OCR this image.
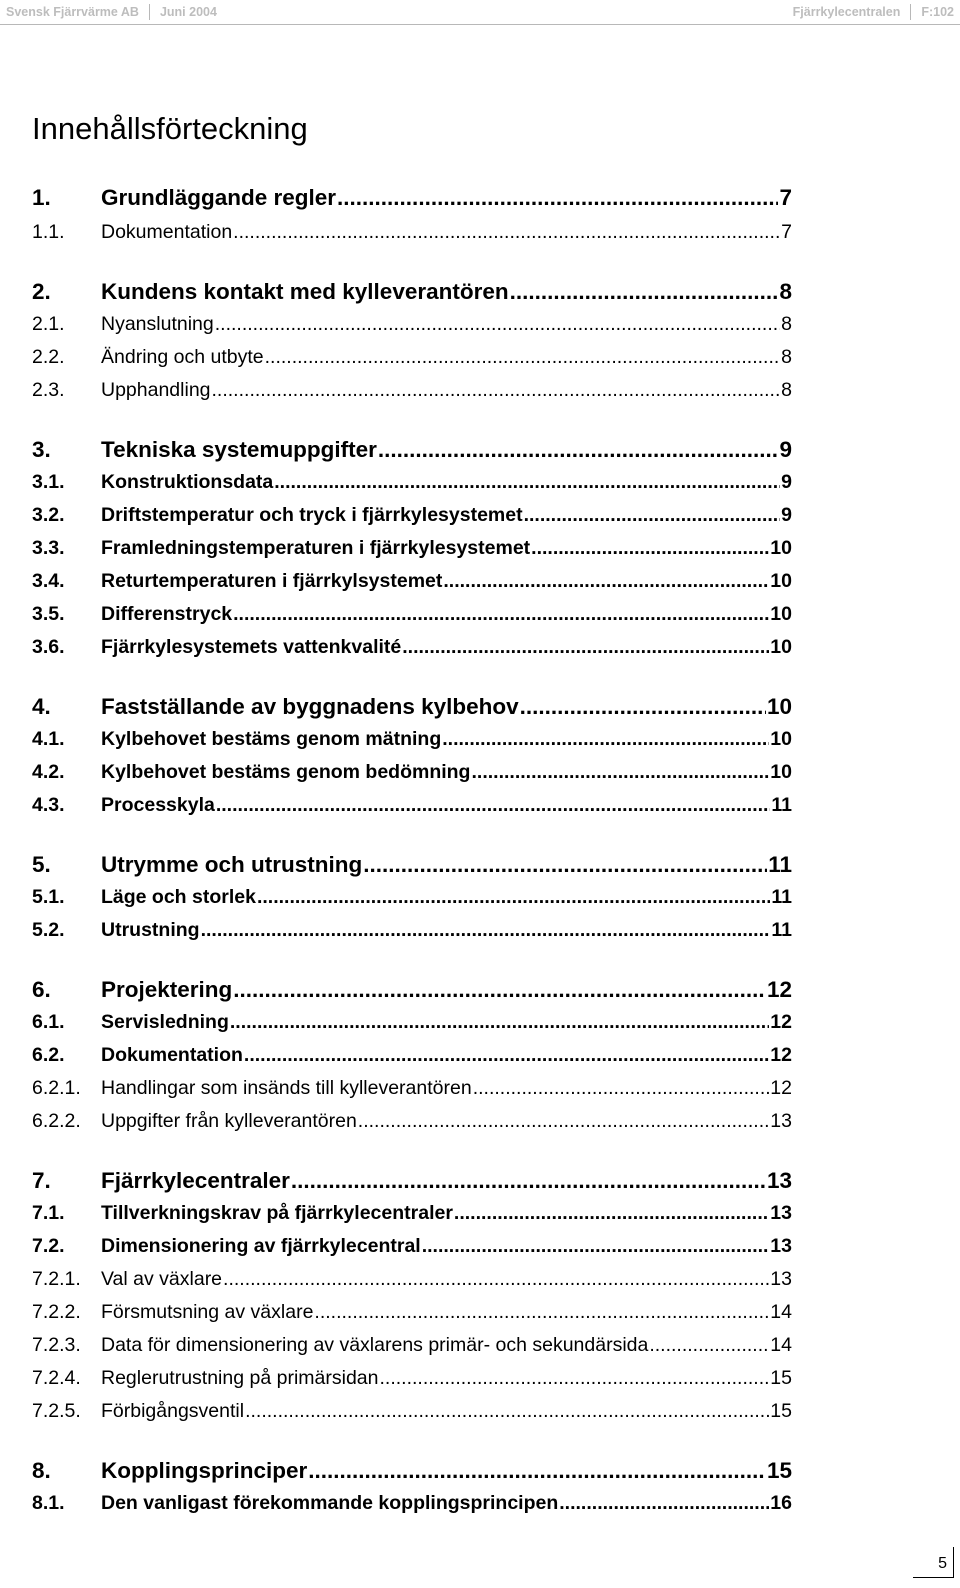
Svensk Fjärrvärme AB Juni 2004	Fjärrkylecentralen F:102
Innehållsförteckning
1.	Grundläggande regler .....	7
1.1.	Dokumentation .....	7
2.	Kundens kontakt med kylleverantören .....	8
2.1.	Nyanslutning .....	8
2.2.	Ändring och utbyte .....	8
2.3.	Upphandling .....	8
3.	Tekniska systemuppgifter .....	9
3.1.	Konstruktionsdata .....	9
3.2.	Driftstemperatur och tryck i fjärrkylesystemet .....	9
3.3.	Framledningstemperaturen i fjärrkylesystemet .....	10
3.4.	Returtemperaturen i fjärrkylsystemet .....	10
3.5.	Differenstryck .....	10
3.6.	Fjärrkylesystemets vattenkvalité .....	10
4.	Fastställande av byggnadens kylbehov .....	10
4.1.	Kylbehovet bestäms genom mätning .....	10
4.2.	Kylbehovet bestäms genom bedömning .....	10
4.3.	Processkyla .....	11
5.	Utrymme och utrustning .....	11
5.1.	Läge och storlek .....	11
5.2.	Utrustning .....	11
6.	Projektering .....	12
6.1.	Servisledning .....	12
6.2.	Dokumentation .....	12
6.2.1.	Handlingar som insänds till kylleverantören .....	12
6.2.2.	Uppgifter från kylleverantören .....	13
7.	Fjärrkylecentraler .....	13
7.1.	Tillverkningskrav på fjärrkylecentraler .....	13
7.2.	Dimensionering av fjärrkylecentral .....	13
7.2.1.	Val av växlare .....	13
7.2.2.	Försmutsning av växlare .....	14
7.2.3.	Data för dimensionering av växlarens primär- och sekundärsida .....	14
7.2.4.	Reglerutrustning på primärsidan .....	15
7.2.5.	Förbigångsventil .....	15
8.	Kopplingsprinciper .....	15
8.1.	Den vanligast förekommande kopplingsprincipen .....	16
5
